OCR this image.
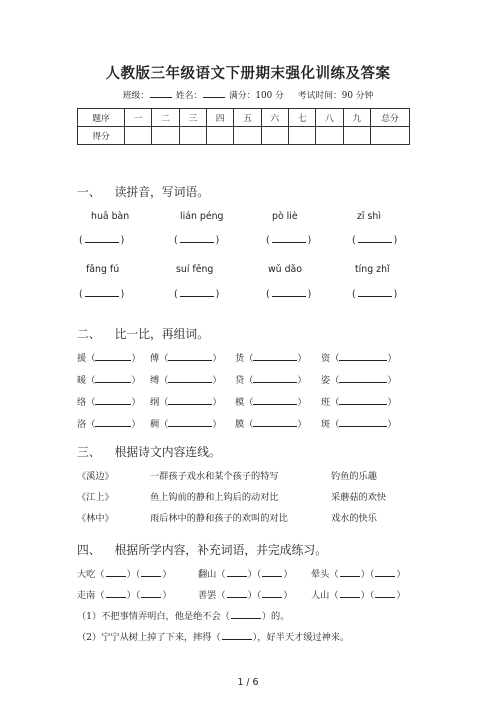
人教版三年级语文下册期末强化训练及答案
班级：	姓名：	满分：100 分 考试时间：90 分钟
题序	一	二	三	四	五	六	七	八	九	总分
得分										
一、 读拼音，写词语。
huā bàn	lián péng	pò liè	zī shì
(	)	(	)	(	)	(	)
fǎng fú	suí fēng	wǔ dǎo	tíng zhǐ
(	)	(	)	(	)	(	)
二、 比一比，再组词。
援（	） 傅（	） 货（	） 资（	）
暖（	） 缚（	） 贷（	） 姿（	）
络（	） 纲（	） 模（	） 班（	）
洛（	） 稠（	） 膜（	） 斑（	）
三、 根据诗文内容连线。
《溪边》	一群孩子戏水和某个孩子的特写	钓鱼的乐趣
《江上》	鱼上钩前的静和上钩后的动对比	采蘑菇的欢快
《林中》	雨后林中的静和孩子的欢叫的对比	戏水的快乐
四、 根据所学内容，补充词语，并完成练习。
大吃（ ）（ ）	翻山（ ）（ ） 晕头（ ）（ ）
走南（ ）（ ）	善罢（ ）（ ） 人山（ ）（ ）
（1）不把事情弄明白，他是绝不会（	）的。
（2）宁宁从树上掉了下来，摔得（	），好半天才缓过神来。
1 / 6
